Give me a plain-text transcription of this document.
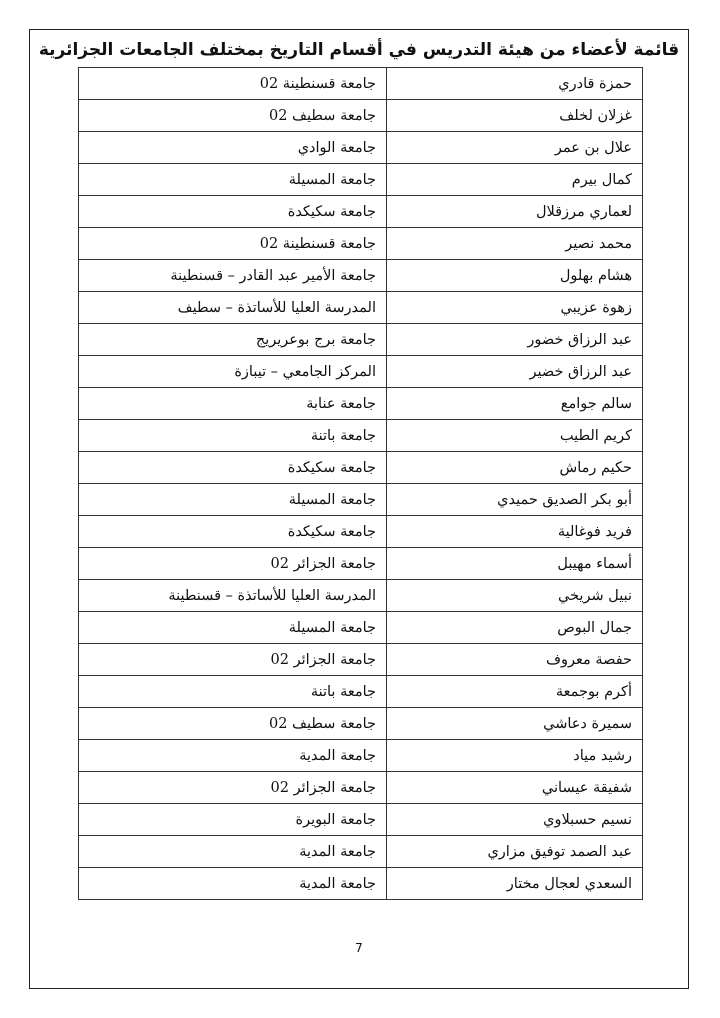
قائمة لأعضاء من هيئة التدريس في أقسام التاريخ بمختلف الجامعات الجزائرية
حمزة قادري	جامعة قسنطينة 02
غزلان لخلف	جامعة سطيف 02
علال بن عمر	جامعة الوادي
كمال بيرم	جامعة المسيلة
لعماري مرزقلال	جامعة سكيكدة
محمد نصير	جامعة قسنطينة 02
هشام بهلول	جامعة الأمير عبد القادر – قسنطينة
زهوة عزيبي	المدرسة العليا للأساتذة – سطيف
عبد الرزاق خضور	جامعة برج بوعريريج
عبد الرزاق خضير	المركز الجامعي – تيبازة
سالم جوامع	جامعة عنابة
كريم الطيب	جامعة باتنة
حكيم رماش	جامعة سكيكدة
أبو بكر الصديق حميدي	جامعة المسيلة
فريد فوغالية	جامعة سكيكدة
أسماء مهيبل	جامعة الجزائر 02
نبيل شريخي	المدرسة العليا للأساتذة – قسنطينة
جمال البوص	جامعة المسيلة
حفصة معروف	جامعة الجزائر 02
أكرم بوجمعة	جامعة باتنة
سميرة دعاشي	جامعة سطيف 02
رشيد مياد	جامعة المدية
شفيقة عيساني	جامعة الجزائر 02
نسيم حسبلاوي	جامعة البويرة
عبد الصمد توفيق مزاري	جامعة المدية
السعدي لعجال مختار	جامعة المدية
7
